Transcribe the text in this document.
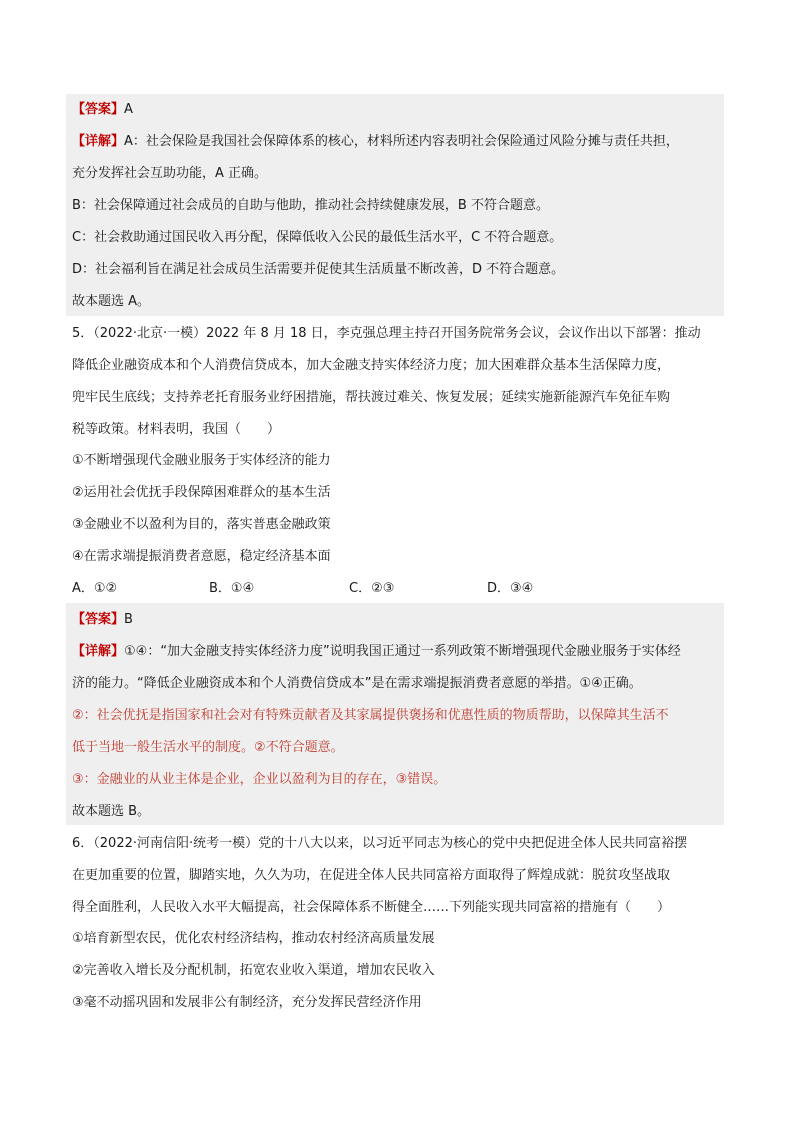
【答案】A
【详解】A：社会保险是我国社会保障体系的核心，材料所述内容表明社会保险通过风险分摊与责任共担，
充分发挥社会互助功能，A 正确。
B：社会保障通过社会成员的自助与他助，推动社会持续健康发展，B 不符合题意。
C：社会救助通过国民收入再分配，保障低收入公民的最低生活水平，C 不符合题意。
D：社会福利旨在满足社会成员生活需要并促使其生活质量不断改善，D 不符合题意。
故本题选 A。
5．（2022·北京·一模）2022 年 8 月 18 日，李克强总理主持召开国务院常务会议，会议作出以下部署：推动
降低企业融资成本和个人消费信贷成本，加大金融支持实体经济力度；加大困难群众基本生活保障力度，
兜牢民生底线；支持养老托育服务业纾困措施，帮扶渡过难关、恢复发展；延续实施新能源汽车免征车购
税等政策。材料表明，我国（　　）
①不断增强现代金融业服务于实体经济的能力
②运用社会优抚手段保障困难群众的基本生活
③金融业不以盈利为目的，落实普惠金融政策
④在需求端提振消费者意愿，稳定经济基本面
A．①②	B．①④	C．②③	D．③④
【答案】B
【详解】①④：“加大金融支持实体经济力度”说明我国正通过一系列政策不断增强现代金融业服务于实体经
济的能力。“降低企业融资成本和个人消费信贷成本”是在需求端提振消费者意愿的举措。①④正确。
②：社会优抚是指国家和社会对有特殊贡献者及其家属提供褒扬和优惠性质的物质帮助，以保障其生活不
低于当地一般生活水平的制度。②不符合题意。
③：金融业的从业主体是企业，企业以盈利为目的存在，③错误。
故本题选 B。
6．（2022·河南信阳·统考一模）党的十八大以来，以习近平同志为核心的党中央把促进全体人民共同富裕摆
在更加重要的位置，脚踏实地，久久为功，在促进全体人民共同富裕方面取得了辉煌成就：脱贫攻坚战取
得全面胜利，人民收入水平大幅提高，社会保障体系不断健全……下列能实现共同富裕的措施有（　　）
①培育新型农民，优化农村经济结构，推动农村经济高质量发展
②完善收入增长及分配机制，拓宽农业收入渠道，增加农民收入
③毫不动摇巩固和发展非公有制经济，充分发挥民营经济作用
